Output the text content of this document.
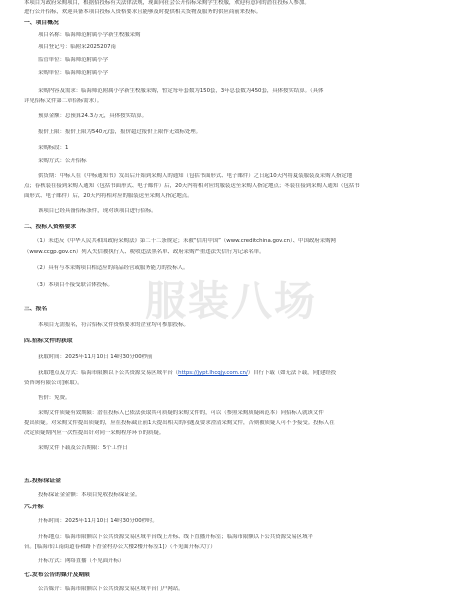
本项目为政府采购项目，根据招投标有关法律法规，现面向社会公开招标采购学生校服，欢迎有意向的潜在投标人参加。
进行公开招标，欢迎具备本项目投标人资格要求且能够及时提供相关货物及服务的供应商前来投标。
一、项目概况
项目名称：临海师范附属小学新生校服采购
项目登记号：临附采2025207南
监管单位：临海师范附属小学
采购单位：临海师范附属小学
采购内容及需求：临海师范附属小学新生校服采购，暂定每年套数为150套，3年总套数为450套，具体按实结算。（具体
详见招标文件第二章招标需求）。
预算金额：总预算24.3万元，具体按实结算。
报价上限：报价上限为540元/套，报价超过报价上限作无效标处理。
采购标段：1
采购方式：公开招标
供货期：中标人在《中标通知书》发出后开始到采购人的通知（包括书面形式、电子邮件）之日起10天内将夏装服装及采购人指定地
点；春秋装在接到采购人通知（包括书面形式、电子邮件）后，20天内将相对应的服装送至采购人指定地点；冬装在接到采购人通知（包括书
面形式、电子邮件）后，20天内将相对应的服装送至采购人指定地点。
该项目已经具备招标条件，现对该项目进行招标。
二、投标人资格要求
（1）未违反《中华人民共和国政府采购法》第二十二条规定；未被“信用中国”（www.creditchina.gov.cn）、中国政府采购网
（www.ccgp.gov.cn）列入失信被执行人、税收违法黑名单、政府采购严重违法失信行为记录名单。
（2）具有与本采购项目相适应的商品经营或服务能力的投标人。
（3）本项目不接受联合体投标。 服装八场
三、报名
本项目无需报名，符合招标文件资格要求的企业均可参加投标。
四.招标文件的获取
获取时间：2025年11月10日 14时30分00秒前
获取地点及方式：临海市限额以下公共资源交易区域平台（https://jypt.lhcqjy.com.cn/）自行下载（如无法下载，向[建经投
资咨询有限公司]索取）。
售价：免费。
采购文件质疑有效期限：潜在投标人已依法获取其可质疑的采购文件的，可以（参照采购质疑函范本）向招标人就该文件
提出质疑。对采购文件提出质疑的，应在投标截止前1天提出相关的问题及要求澄清采购文件，否则被质疑人可不予接受。投标人在
决定质疑期内应一次性提出针对同一采购程序环节的质疑。
采购文件下载及公告期限：5个工作日
五.投标保证金
投标保证金金额：本项目免收投标保证金。
六.开标
开标时间：2025年11月10日 14时30分00秒时。
开标地点：临海市限额以下公共资源交易区域平台线上开标、线下直播开标室；临海市限额以下公共资源交易区域平
台。[临海市江南街道春和路下香金村办公大楼2楼开标室1]）（不见面开标大厅）
开标方式：网络直播（不见面开标）
七.发布公告的媒介及期限
公告媒介：临海市限额以下公共资源交易区域平台门户网站。
